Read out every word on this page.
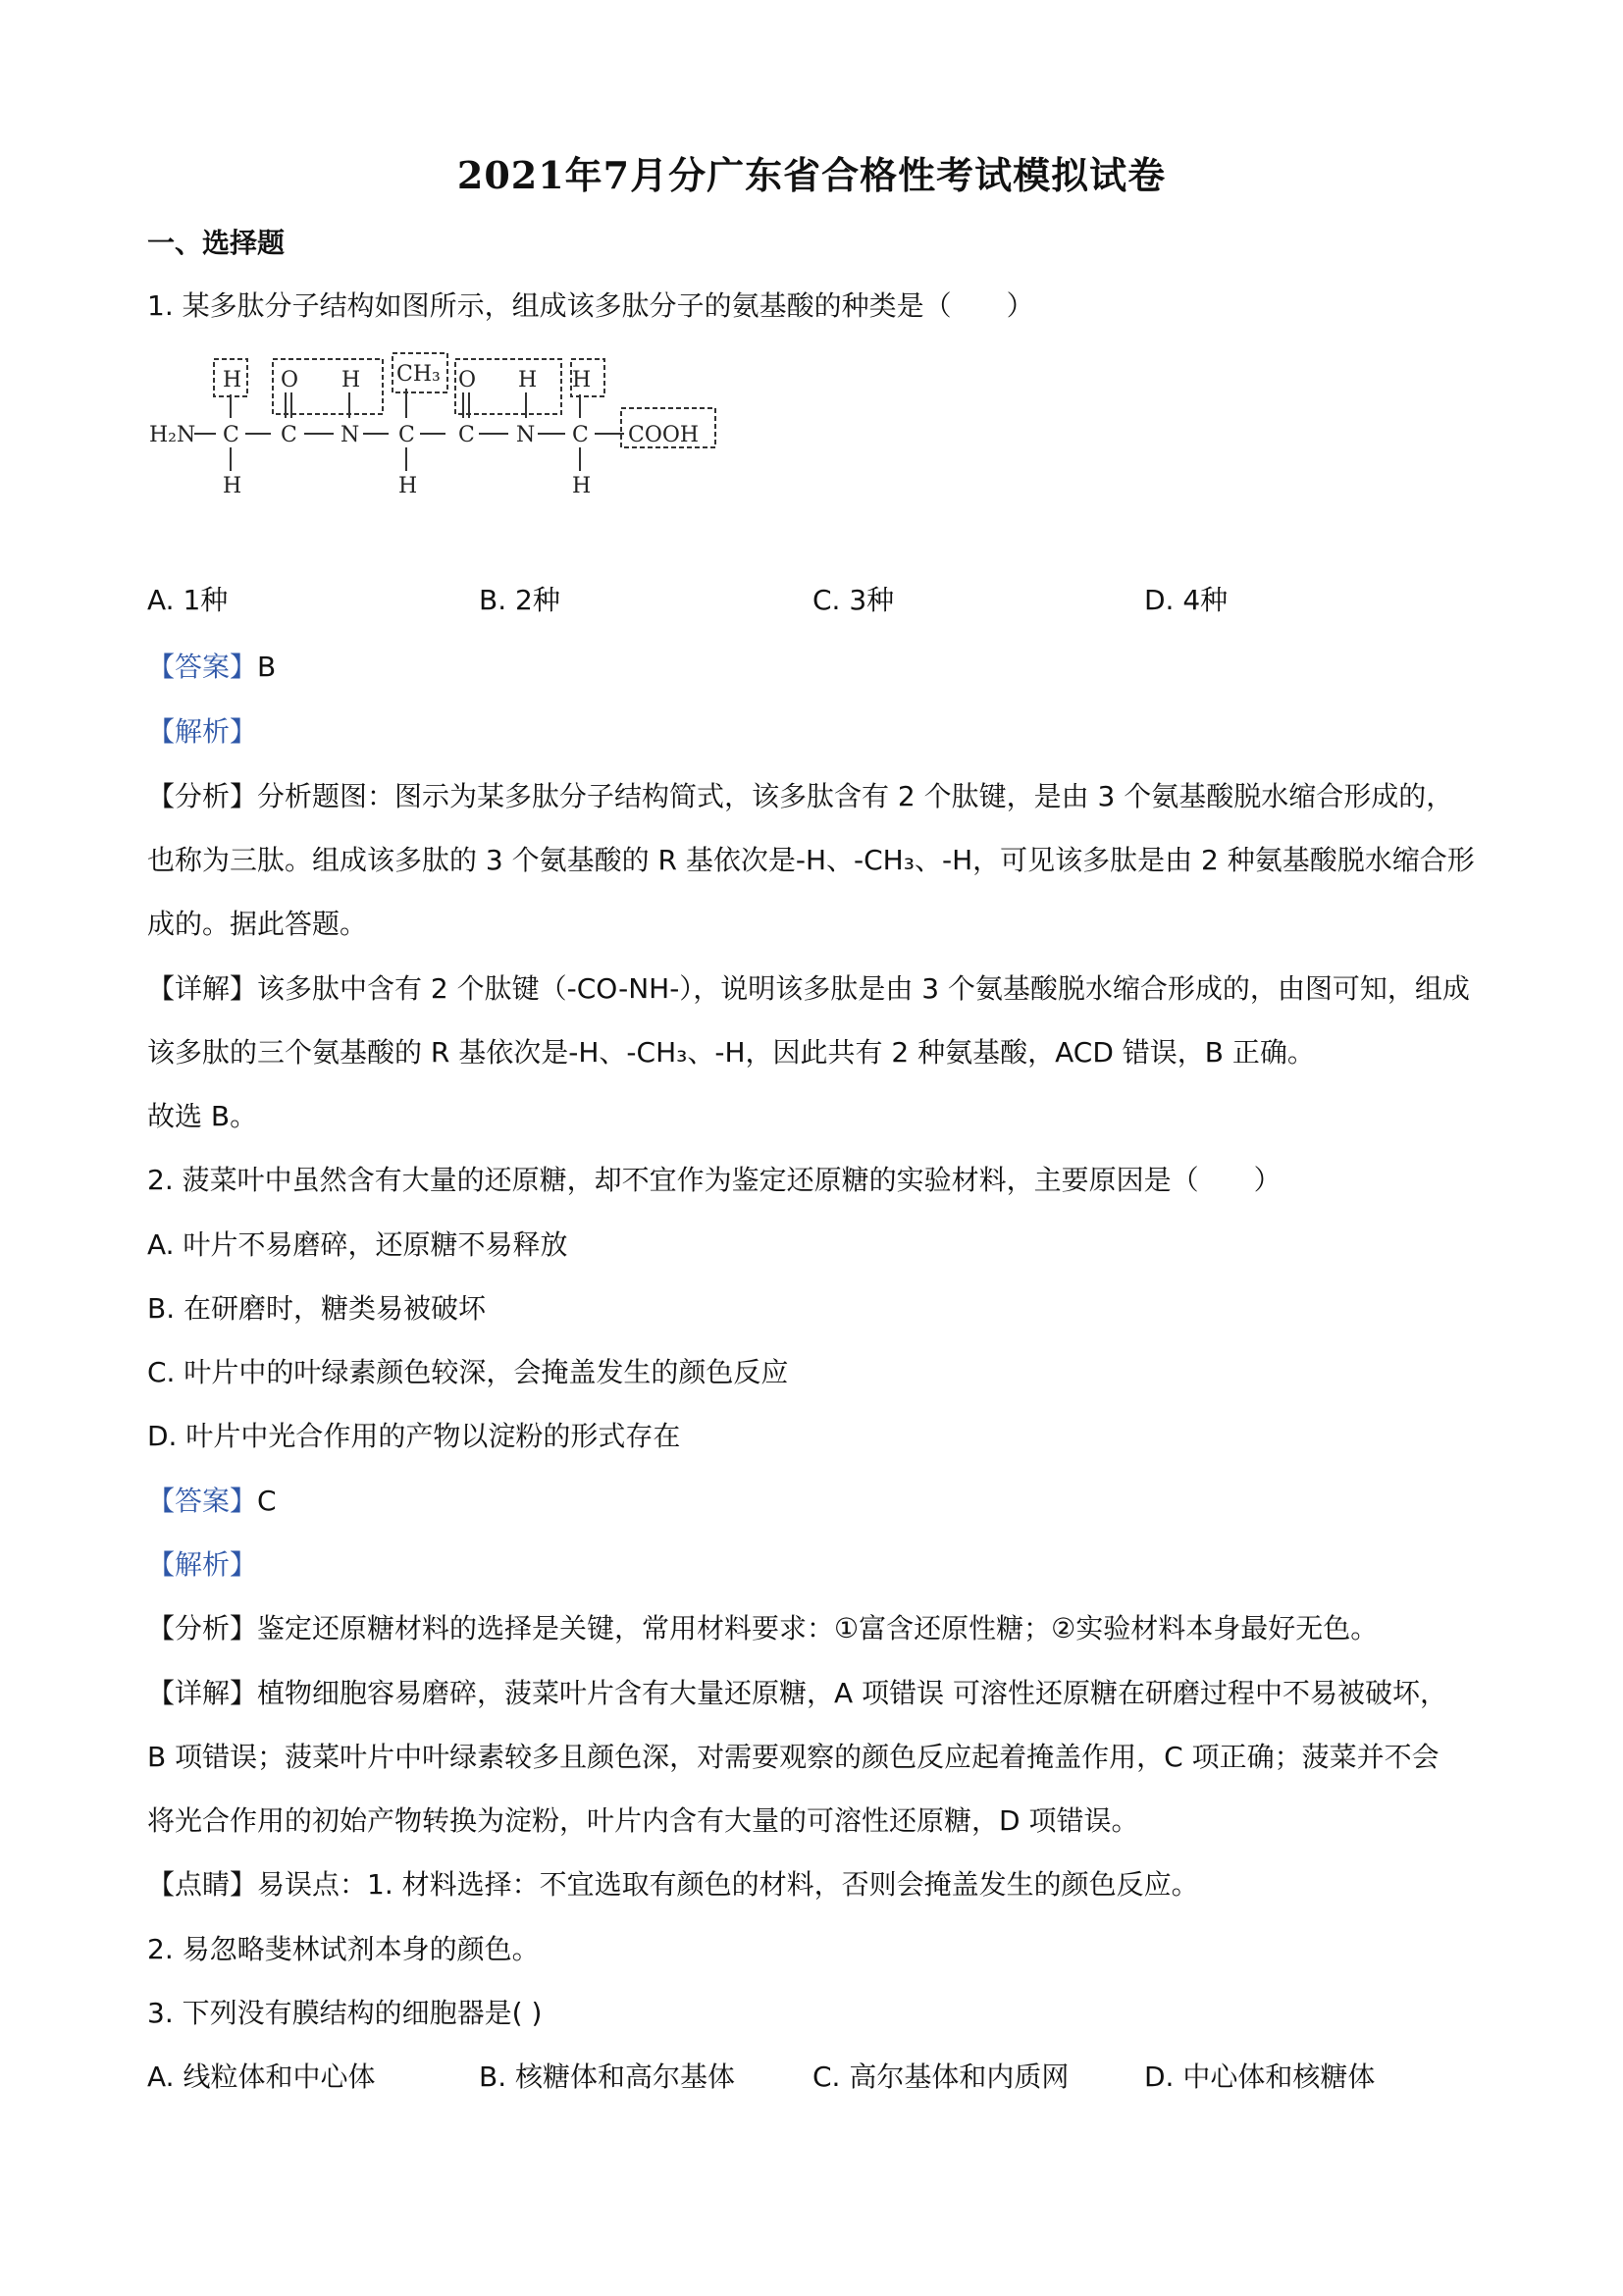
2021年7月分广东省合格性考试模拟试卷
一、选择题
1. 某多肽分子结构如图所示，组成该多肽分子的氨基酸的种类是（　　）
H₂N C
H
H
C
O
N
H
C
CH₃
H
C
O
N
H
C
H
H
COOH
A. 1种	B. 2种	C. 3种	D. 4种
【答案】B
【解析】
【分析】分析题图：图示为某多肽分子结构简式，该多肽含有 2 个肽键，是由 3 个氨基酸脱水缩合形成的，
也称为三肽。组成该多肽的 3 个氨基酸的 R 基依次是-H、-CH₃、-H，可见该多肽是由 2 种氨基酸脱水缩合形
成的。据此答题。
【详解】该多肽中含有 2 个肽键（-CO-NH-），说明该多肽是由 3 个氨基酸脱水缩合形成的，由图可知，组成
该多肽的三个氨基酸的 R 基依次是-H、-CH₃、-H，因此共有 2 种氨基酸，ACD 错误，B 正确。
故选 B。
2. 菠菜叶中虽然含有大量的还原糖，却不宜作为鉴定还原糖的实验材料，主要原因是（　　）
A. 叶片不易磨碎，还原糖不易释放
B. 在研磨时，糖类易被破坏
C. 叶片中的叶绿素颜色较深，会掩盖发生的颜色反应
D. 叶片中光合作用的产物以淀粉的形式存在
【答案】C
【解析】
【分析】鉴定还原糖材料的选择是关键，常用材料要求：①富含还原性糖；②实验材料本身最好无色。
【详解】植物细胞容易磨碎，菠菜叶片含有大量还原糖，A 项错误 可溶性还原糖在研磨过程中不易被破坏，
B 项错误；菠菜叶片中叶绿素较多且颜色深，对需要观察的颜色反应起着掩盖作用，C 项正确；菠菜并不会
将光合作用的初始产物转换为淀粉，叶片内含有大量的可溶性还原糖，D 项错误。
【点睛】易误点：1. 材料选择：不宜选取有颜色的材料，否则会掩盖发生的颜色反应。
2. 易忽略斐林试剂本身的颜色。
3. 下列没有膜结构的细胞器是( )
A. 线粒体和中心体	B. 核糖体和高尔基体	C. 高尔基体和内质网	D. 中心体和核糖体
